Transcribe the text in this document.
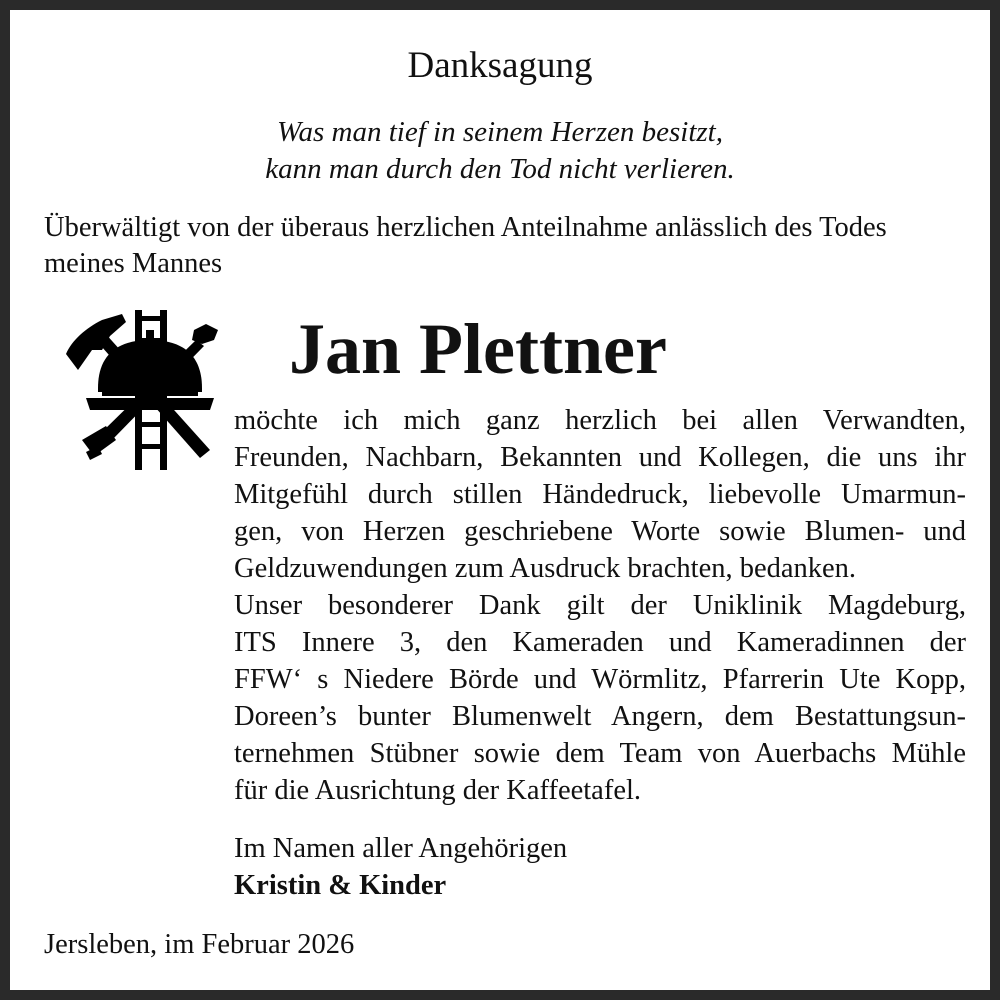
Danksagung
Was man tief in seinem Herzen besitzt,
kann man durch den Tod nicht verlieren.
Überwältigt von der überaus herzlichen Anteilnahme anlässlich des Todes
meines Mannes
Jan Plettner
möchte ich mich ganz herzlich bei allen Verwandten,
Freunden, Nachbarn, Bekannten und Kollegen, die uns ihr
Mitgefühl durch stillen Händedruck, liebevolle Umarmun-
gen, von Herzen geschriebene Worte sowie Blumen- und
Geldzuwendungen zum Ausdruck brachten, bedanken.
Unser besonderer Dank gilt der Uniklinik Magdeburg,
ITS Innere 3, den Kameraden und Kameradinnen der
FFW‘ s Niedere Börde und Wörmlitz, Pfarrerin Ute Kopp,
Doreen’s bunter Blumenwelt Angern, dem Bestattungsun-
ternehmen Stübner sowie dem Team von Auerbachs Mühle
für die Ausrichtung der Kaffeetafel.
Im Namen aller Angehörigen
Kristin & Kinder
Jersleben, im Februar 2026
